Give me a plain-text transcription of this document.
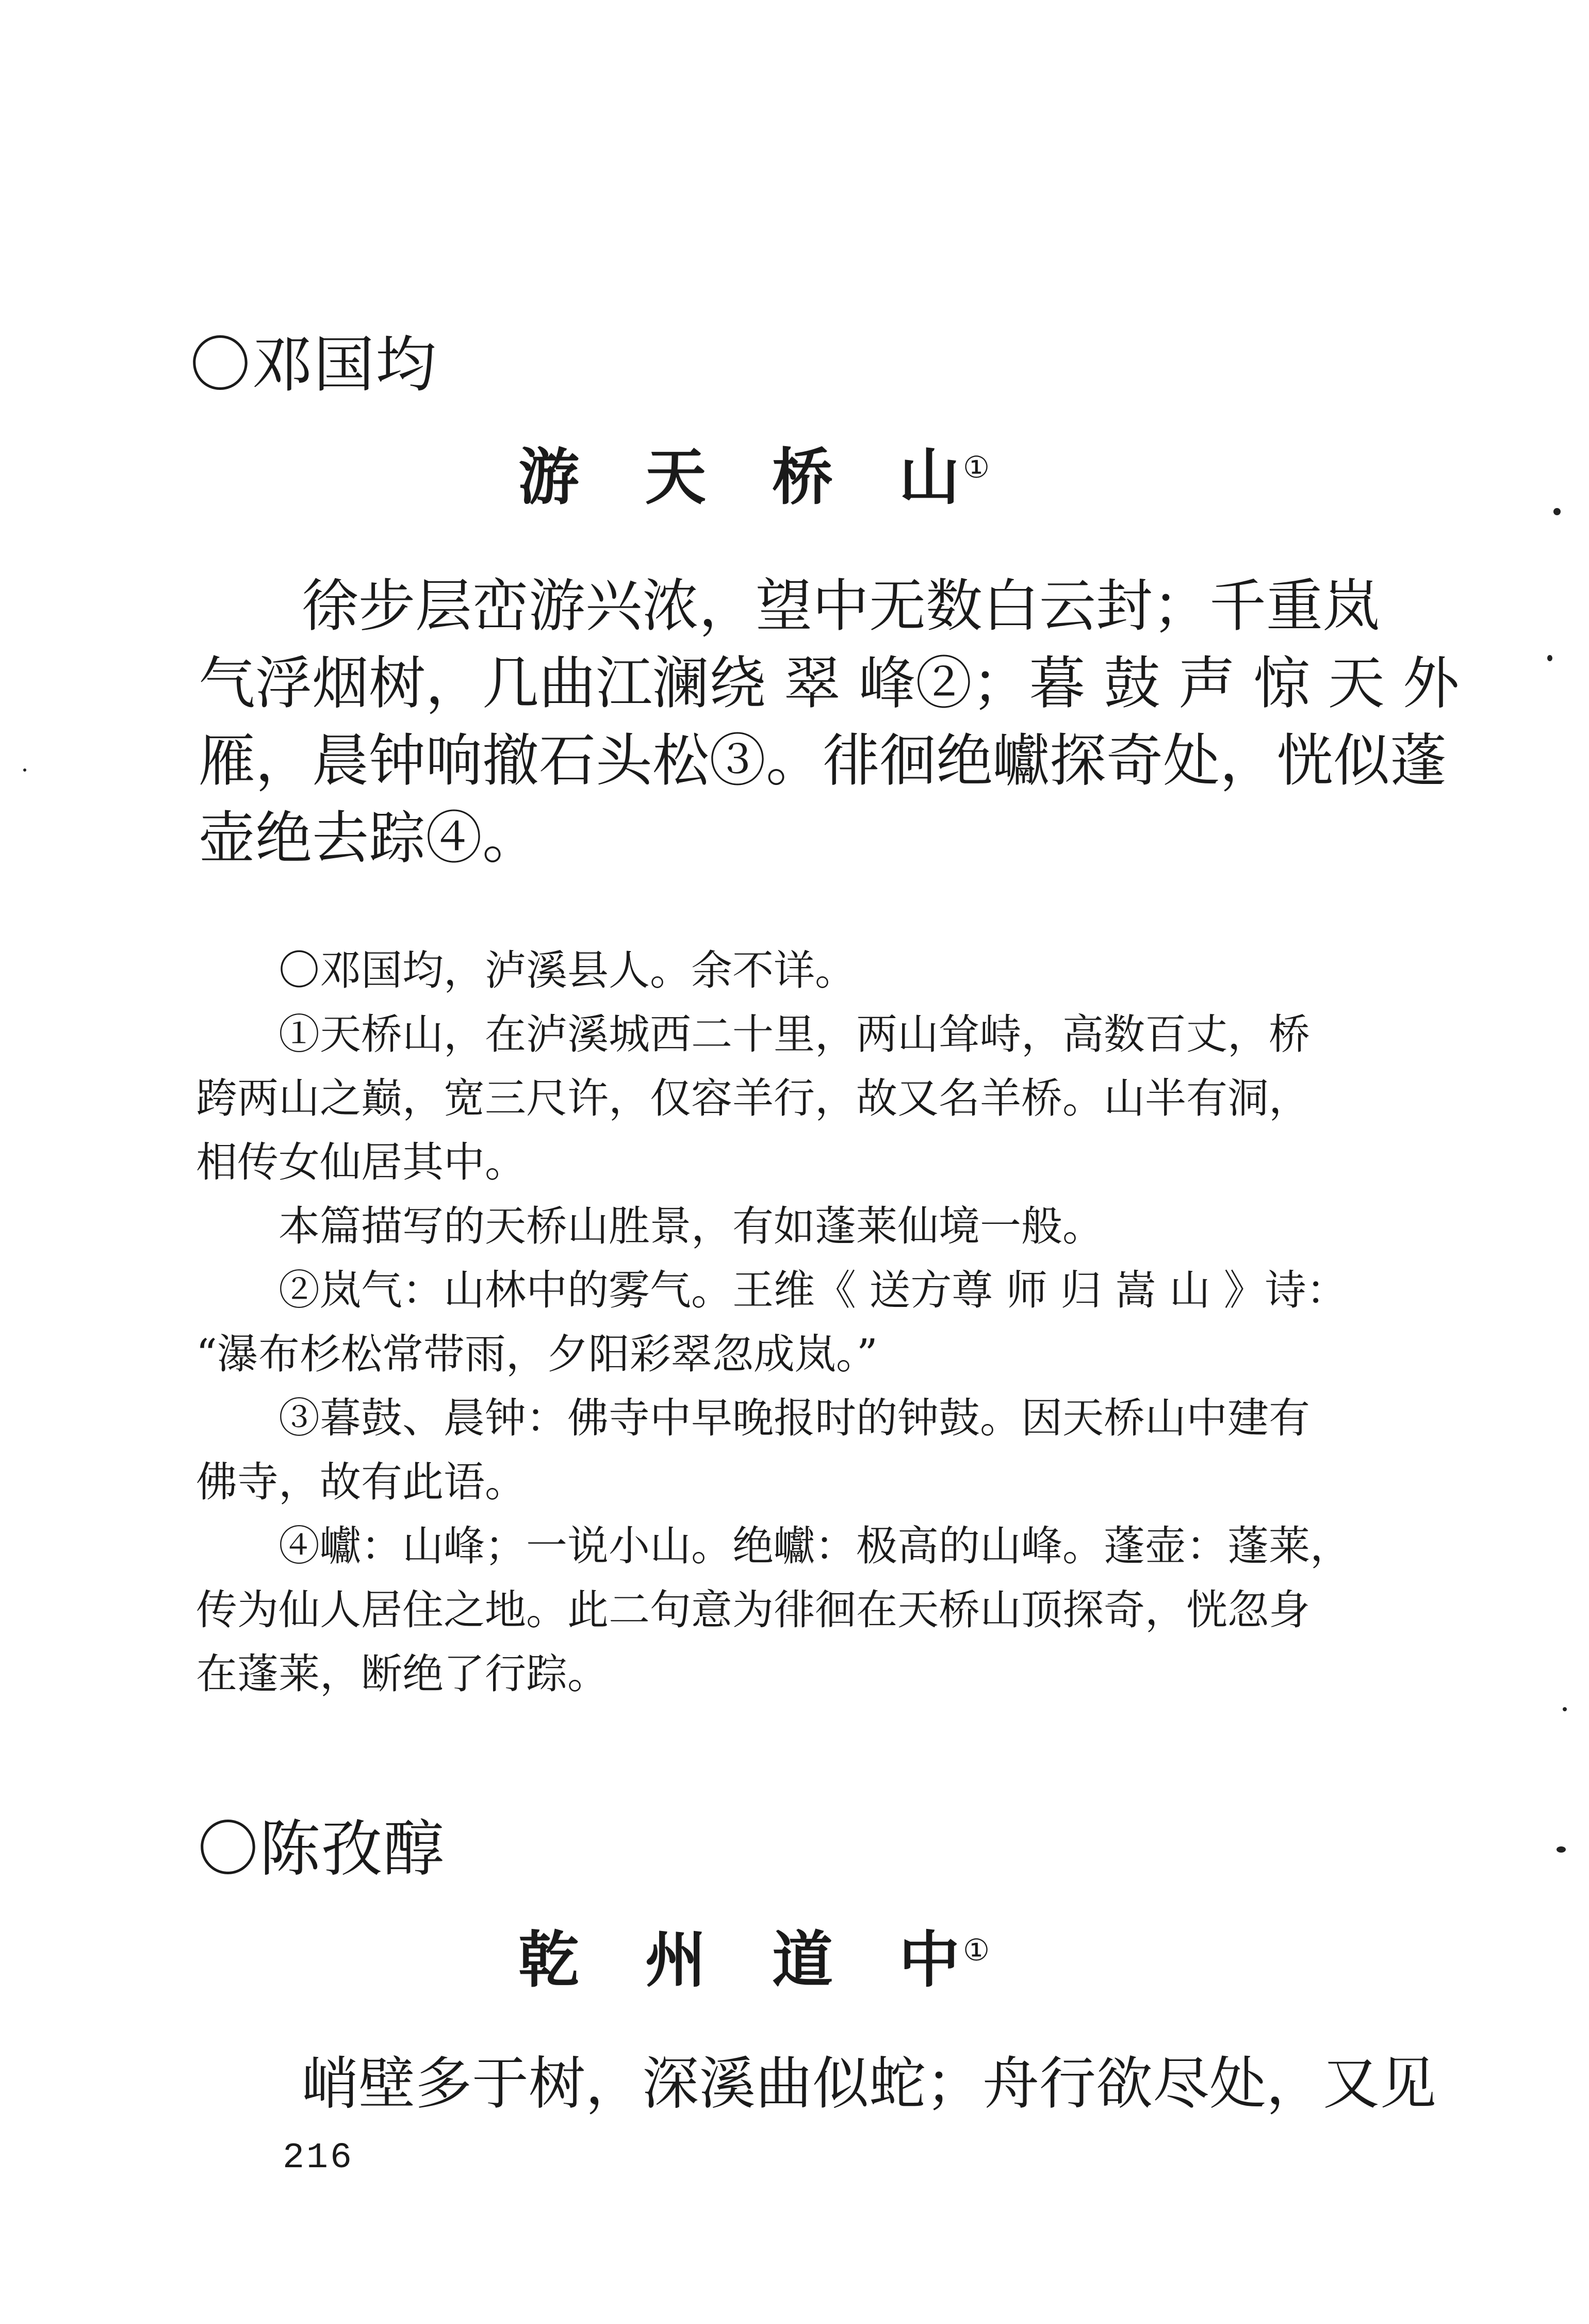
〇邓国均
游 天 桥 山 ①
徐步层峦游兴浓，望中无数白云封；千重岚
气浮烟树，几曲江澜绕 翠 峰②；暮 鼓 声 惊 天 外
雁，晨钟响撤石头松③。徘徊绝巘探奇处，恍似蓬
壶绝去踪④。
〇邓国均，泸溪县人。余不详。
①天桥山，在泸溪城西二十里，两山耸峙，高数百丈，桥
跨两山之巅，宽三尺许，仅容羊行，故又名羊桥。山半有洞，
相传女仙居其中。
本篇描写的天桥山胜景，有如蓬莱仙境一般。
②岚气：山林中的雾气。王维《 送方尊 师 归 嵩 山 》诗：
“瀑布杉松常带雨，夕阳彩翠忽成岚。”
③暮鼓、晨钟：佛寺中早晚报时的钟鼓。因天桥山中建有
佛寺，故有此语。
④巘：山峰；一说小山。绝巘：极高的山峰。蓬壶：蓬莱，
传为仙人居住之地。此二句意为徘徊在天桥山顶探奇，恍忽身
在蓬莱，断绝了行踪。
〇陈孜醇
乾 州 道 中 ①
峭壁多于树，深溪曲似蛇；舟行欲尽处，又见
216
